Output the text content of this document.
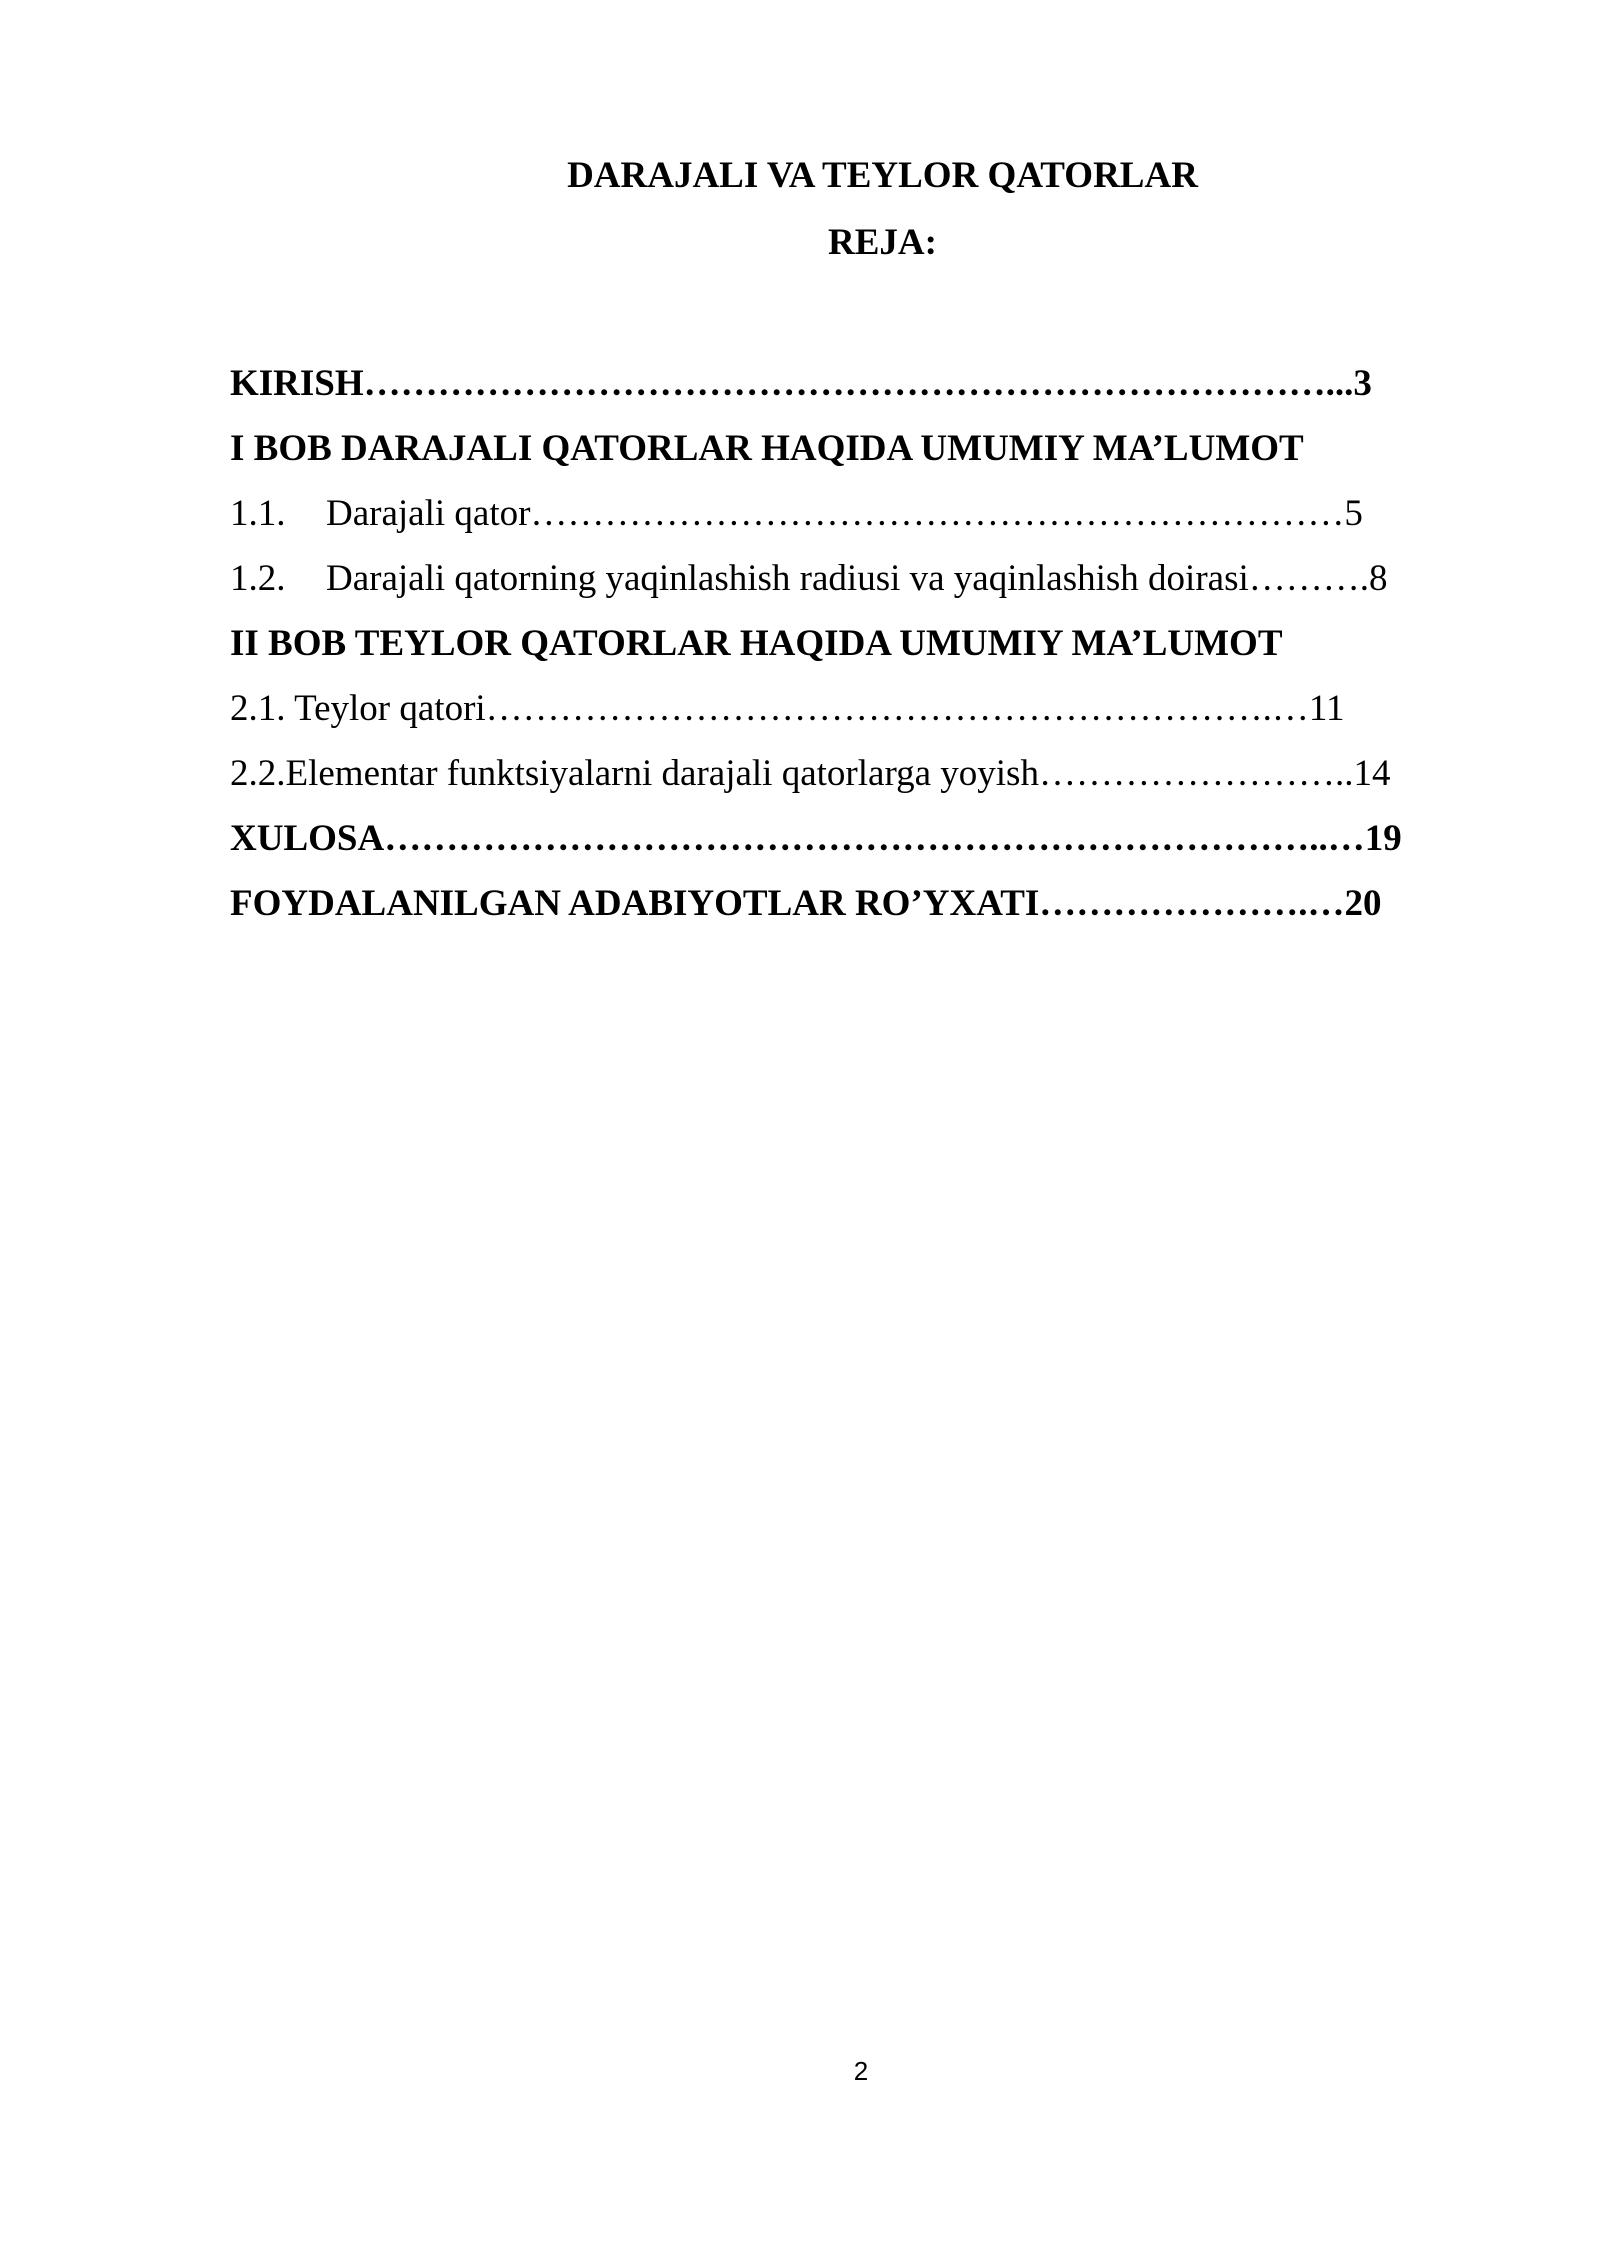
DARAJALI VA TEYLOR QATORLAR
REJA:
KIRISH……………………………………………………………………...3
I BOB DARAJALI QATORLAR HAQIDA UMUMIY MA’LUMOT
1.1. Darajali qator…………………………………………………………5
1.2. Darajali qatorning yaqinlashish radiusi va yaqinlashish doirasi……….8
II BOB TEYLOR QATORLAR HAQIDA UMUMIY MA’LUMOT
2.1. Teylor qatori……………………………………………………….…11
2.2.Elementar funktsiyalarni darajali qatorlarga yoyish……………………..14
XULOSA…………………………………………………………………..…19
FOYDALANILGAN ADABIYOTLAR RO’YXATI………………….…20
2
